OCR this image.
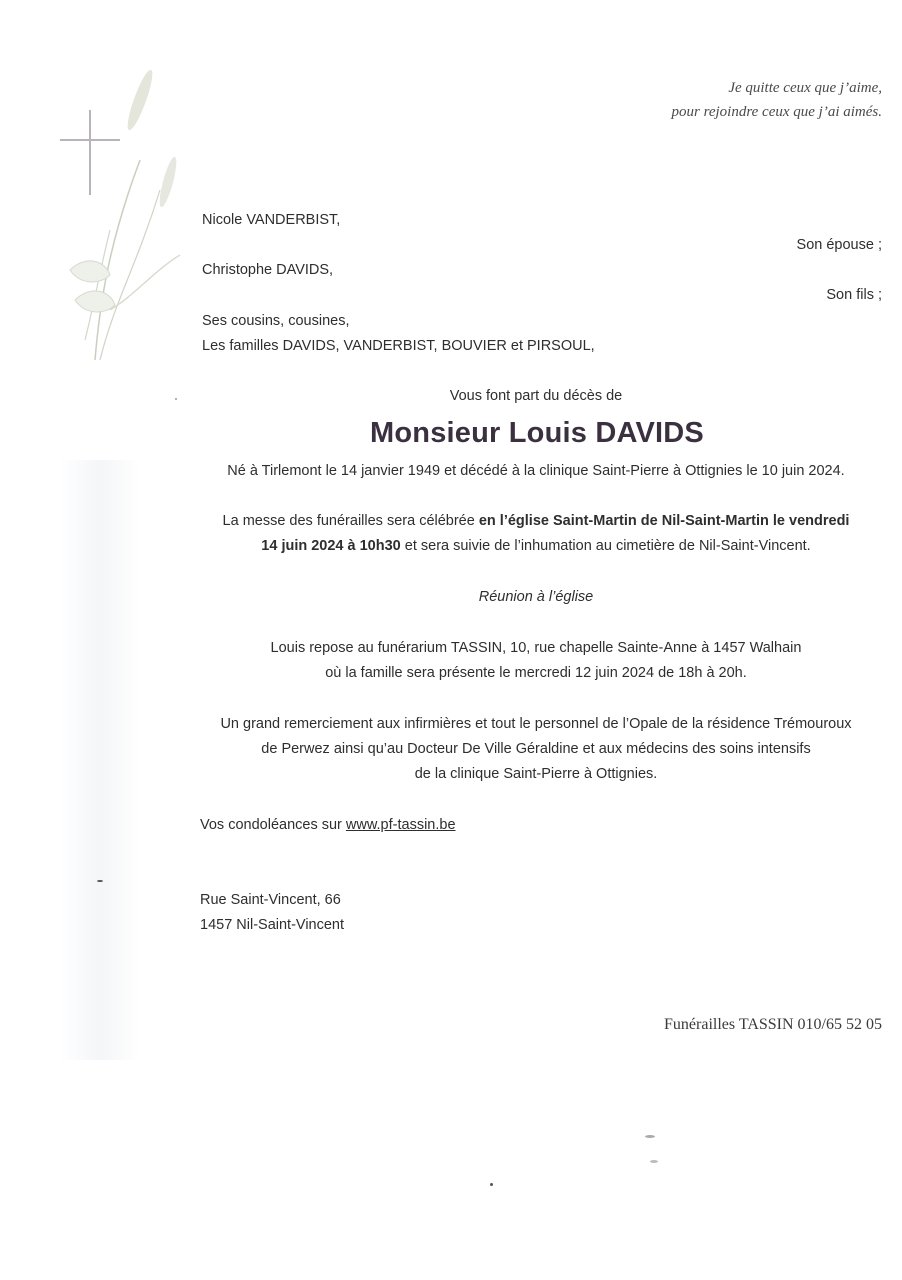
Je quitte ceux que j’aime,
pour rejoindre ceux que j’ai aimés.
Nicole VANDERBIST,
Son épouse ;
Christophe DAVIDS,
Son fils ;
Ses cousins, cousines,
Les familles DAVIDS, VANDERBIST, BOUVIER et PIRSOUL,
Vous font part du décès de
Monsieur Louis DAVIDS
Né à Tirlemont le 14 janvier 1949 et décédé à la clinique Saint-Pierre à Ottignies le 10 juin 2024.
La messe des funérailles sera célébrée en l’église Saint-Martin de Nil-Saint-Martin le vendredi
14 juin 2024 à 10h30 et sera suivie de l’inhumation au cimetière de Nil-Saint-Vincent.
Réunion à l’église
Louis repose au funérarium TASSIN, 10, rue chapelle Sainte-Anne à 1457 Walhain
où la famille sera présente le mercredi 12 juin 2024 de 18h à 20h.
Un grand remerciement aux infirmières et tout le personnel de l’Opale de la résidence Trémouroux
de Perwez ainsi qu’au Docteur De Ville Géraldine et aux médecins des soins intensifs
de la clinique Saint-Pierre à Ottignies.
Vos condoléances sur www.pf-tassin.be
Rue Saint-Vincent, 66
1457 Nil-Saint-Vincent
Funérailles TASSIN 010/65 52 05
